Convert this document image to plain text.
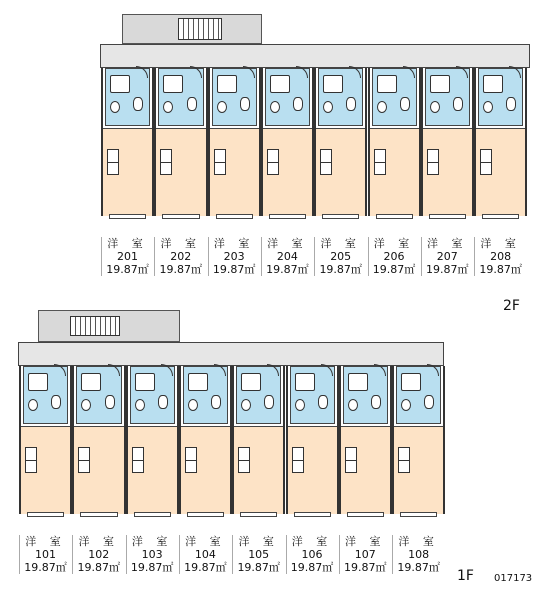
洋 室
201
19.87㎡
洋 室
202
19.87㎡
洋 室
203
19.87㎡
洋 室
204
19.87㎡
洋 室
205
19.87㎡
洋 室
206
19.87㎡
洋 室
207
19.87㎡
洋 室
208
19.87㎡
2F
洋 室
101
19.87㎡
洋 室
102
19.87㎡
洋 室
103
19.87㎡
洋 室
104
19.87㎡
洋 室
105
19.87㎡
洋 室
106
19.87㎡
洋 室
107
19.87㎡
洋 室
108
19.87㎡
1F 017173
